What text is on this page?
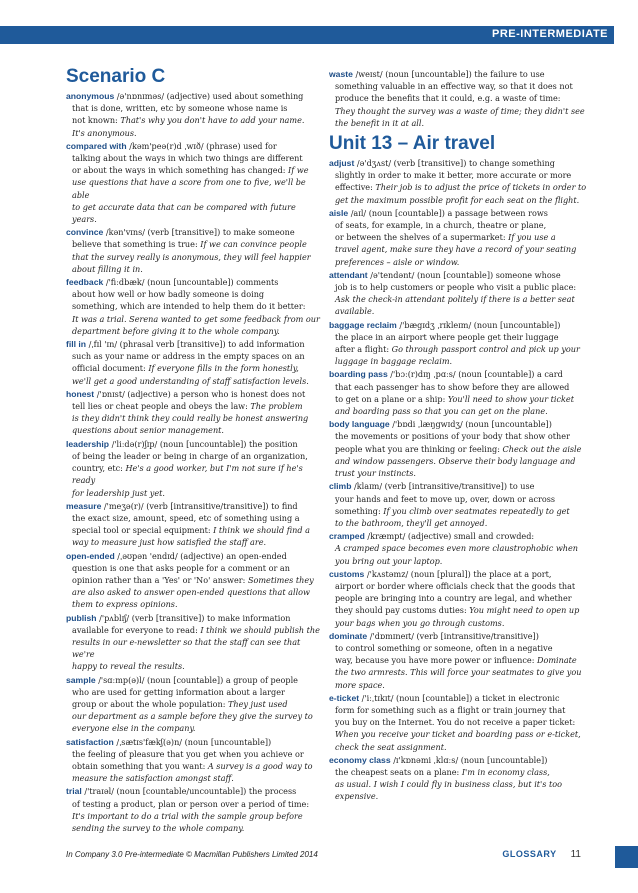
PRE-INTERMEDIATE
Scenario C
anonymous /ə'nɒnɪməs/ (adjective) used about something
that is done, written, etc by someone whose name is
not known: That's why you don't have to add your name.
It's anonymous.
compared with /kəm'peə(r)d ˌwɪð/ (phrase) used for
talking about the ways in which two things are different
or about the ways in which something has changed: If we
use questions that have a score from one to five, we'll be able
to get accurate data that can be compared with future years.
convince /kən'vɪns/ (verb [transitive]) to make someone
believe that something is true: If we can convince people
that the survey really is anonymous, they will feel happier
about filling it in.
feedback /'fiːdbæk/ (noun [uncountable]) comments
about how well or how badly someone is doing
something, which are intended to help them do it better:
It was a trial. Serena wanted to get some feedback from our
department before giving it to the whole company.
fill in /ˌfɪl 'ɪn/ (phrasal verb [transitive]) to add information
such as your name or address in the empty spaces on an
official document: If everyone fills in the form honestly,
we'll get a good understanding of staff satisfaction levels.
honest /'ɒnɪst/ (adjective) a person who is honest does not
tell lies or cheat people and obeys the law: The problem
is they didn't think they could really be honest answering
questions about senior management.
leadership /'liːdə(r)ʃɪp/ (noun [uncountable]) the position
of being the leader or being in charge of an organization,
country, etc: He's a good worker, but I'm not sure if he's ready
for leadership just yet.
measure /'meʒə(r)/ (verb [intransitive/transitive]) to find
the exact size, amount, speed, etc of something using a
special tool or special equipment: I think we should find a
way to measure just how satisfied the staff are.
open-ended /ˌəʊpən 'endɪd/ (adjective) an open-ended
question is one that asks people for a comment or an
opinion rather than a 'Yes' or 'No' answer: Sometimes they
are also asked to answer open-ended questions that allow
them to express opinions.
publish /'pʌblɪʃ/ (verb [transitive]) to make information
available for everyone to read: I think we should publish the
results in our e-newsletter so that the staff can see that we're
happy to reveal the results.
sample /'sɑːmp(ə)l/ (noun [countable]) a group of people
who are used for getting information about a larger
group or about the whole population: They just used
our department as a sample before they give the survey to
everyone else in the company.
satisfaction /ˌsætɪs'fækʃ(ə)n/ (noun [uncountable])
the feeling of pleasure that you get when you achieve or
obtain something that you want: A survey is a good way to
measure the satisfaction amongst staff.
trial /'traɪəl/ (noun [countable/uncountable]) the process
of testing a product, plan or person over a period of time:
It's important to do a trial with the sample group before
sending the survey to the whole company.
waste /weɪst/ (noun [uncountable]) the failure to use
something valuable in an effective way, so that it does not
produce the benefits that it could, e.g. a waste of time:
They thought the survey was a waste of time; they didn't see
the benefit in it at all.
Unit 13 – Air travel
adjust /ə'dʒʌst/ (verb [transitive]) to change something
slightly in order to make it better, more accurate or more
effective: Their job is to adjust the price of tickets in order to
get the maximum possible profit for each seat on the flight.
aisle /aɪl/ (noun [countable]) a passage between rows
of seats, for example, in a church, theatre or plane,
or between the shelves of a supermarket: If you use a
travel agent, make sure they have a record of your seating
preferences – aisle or window.
attendant /ə'tendənt/ (noun [countable]) someone whose
job is to help customers or people who visit a public place:
Ask the check-in attendant politely if there is a better seat
available.
baggage reclaim /'bægɪdʒ ˌrɪkleɪm/ (noun [uncountable])
the place in an airport where people get their luggage
after a flight: Go through passport control and pick up your
luggage in baggage reclaim.
boarding pass /'bɔː(r)dɪŋ ˌpɑːs/ (noun [countable]) a card
that each passenger has to show before they are allowed
to get on a plane or a ship: You'll need to show your ticket
and boarding pass so that you can get on the plane.
body language /'bɒdi ˌlæŋgwɪdʒ/ (noun [uncountable])
the movements or positions of your body that show other
people what you are thinking or feeling: Check out the aisle
and window passengers. Observe their body language and
trust your instincts.
climb /klaɪm/ (verb [intransitive/transitive]) to use
your hands and feet to move up, over, down or across
something: If you climb over seatmates repeatedly to get
to the bathroom, they'll get annoyed.
cramped /kræmpt/ (adjective) small and crowded:
A cramped space becomes even more claustrophobic when
you bring out your laptop.
customs /'kʌstəmz/ (noun [plural]) the place at a port,
airport or border where officials check that the goods that
people are bringing into a country are legal, and whether
they should pay customs duties: You might need to open up
your bags when you go through customs.
dominate /'dɒmɪneɪt/ (verb [intransitive/transitive])
to control something or someone, often in a negative
way, because you have more power or influence: Dominate
the two armrests. This will force your seatmates to give you
more space.
e-ticket /'iːˌtɪkɪt/ (noun [countable]) a ticket in electronic
form for something such as a flight or train journey that
you buy on the Internet. You do not receive a paper ticket:
When you receive your ticket and boarding pass or e-ticket,
check the seat assignment.
economy class /ɪ'kɒnəmi ˌklɑːs/ (noun [uncountable])
the cheapest seats on a plane: I'm in economy class,
as usual. I wish I could fly in business class, but it's too
expensive.
In Company 3.0 Pre-intermediate © Macmillan Publishers Limited 2014	GLOSSARY 11
